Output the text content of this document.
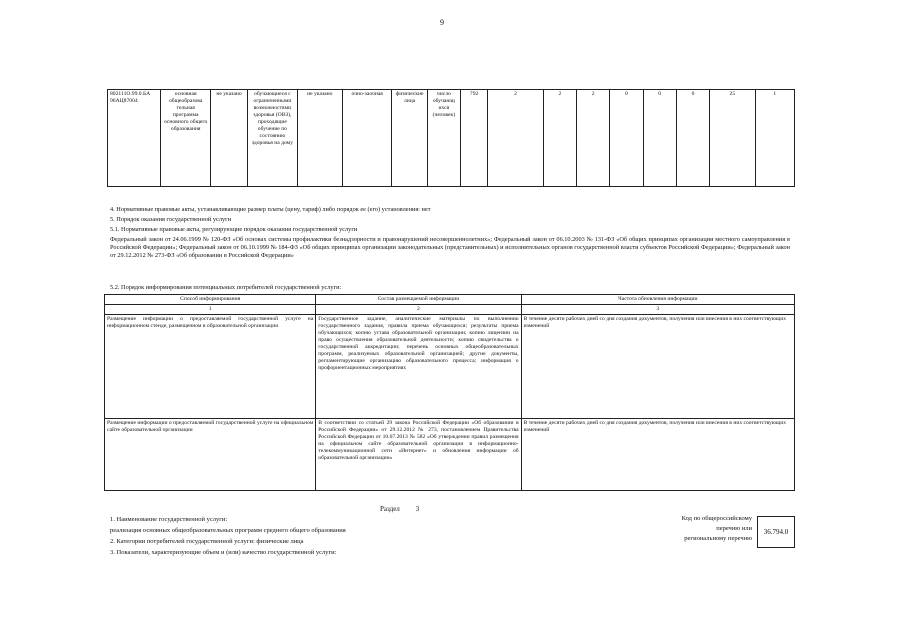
9
802111О.99.0.БА 96АЦ87004	основная общеобразова тельная программа основного общего образования	не указано	обучающиеся с ограниченными возможностями здоровья (ОВЗ), проходящие обучение по состоянию здоровья на дому	не указано	очно-заочная	физические лица	число обучающ ихся (человек)	792	2	2	2	0	0	0	25	1
4. Нормативные правовые акты, устанавливающие размер платы (цену, тариф) либо порядок ее (его) установления: нет
5. Порядок оказания государственной услуги
5.1. Нормативные правовые акты, регулирующие порядок оказания государственной услуги
Федеральный закон от 24.06.1999 № 120-ФЗ «Об основах системы профилактики безнадзорности и правонарушений несовершеннолетних»; Федеральный закон от 06.10.2003 № 131-ФЗ «Об общих принципах организации местного самоуправления в Российской Федерации»; Федеральный закон от 06.10.1999 № 184-ФЗ «Об общих принципах организации законодательных (представительных) и исполнительных органов государственной власти субъектов Российской Федерации»; Федеральный закон от 29.12.2012 № 273-ФЗ «Об образовании в Российской Федерации»
5.2. Порядок информирования потенциальных потребителей государственной услуги:
Способ информирования	Состав размещаемой информации	Частота обновления информации
1	2	3
Размещение информации о предоставляемой государственной услуге на информационном стенде, размещенном в образовательной организации	Государственное задание, аналитические материалы по выполнению государственного задания, правила приема обучающихся; результаты приема обучающихся; копию устава образовательной организации; копию лицензии на право осуществления образовательной деятельности; копию свидетельства о государственной аккредитации; перечень основных общеобразовательных программ, реализуемых образовательной организацией; другие документы, регламентирующие организацию образовательного процесса; информация о профориентационных мероприятиях	В течение десяти рабочих дней со дня создания документов, получения или внесения в них соответствующих изменений
Размещение информации о предоставляемой государственной услуге на официальном сайте образовательной организации	В соответствии со статьей 29 закона Российской Федерации «Об образовании в Российской Федерации» от 29.12.2012 № 273, постановлением Правительства Российской Федерации от 10.07.2013 № 582 «Об утверждении правил размещения на официальном сайте образовательной организации в информационно-телекоммуникационной сети «Интернет» и обновления информации об образовательной организации»	В течение десяти рабочих дней со дня создания документов, получения или внесения в них соответствующих изменений
Раздел 3
1. Наименование государственной услуги:
реализация основных общеобразовательных программ среднего общего образования
2. Категории потребителей государственной услуги: физические лица
3. Показатели, характеризующие объем и (или) качество государственной услуги:
Код по общероссийскому
перечню или
региональному перечню
36.794.0
